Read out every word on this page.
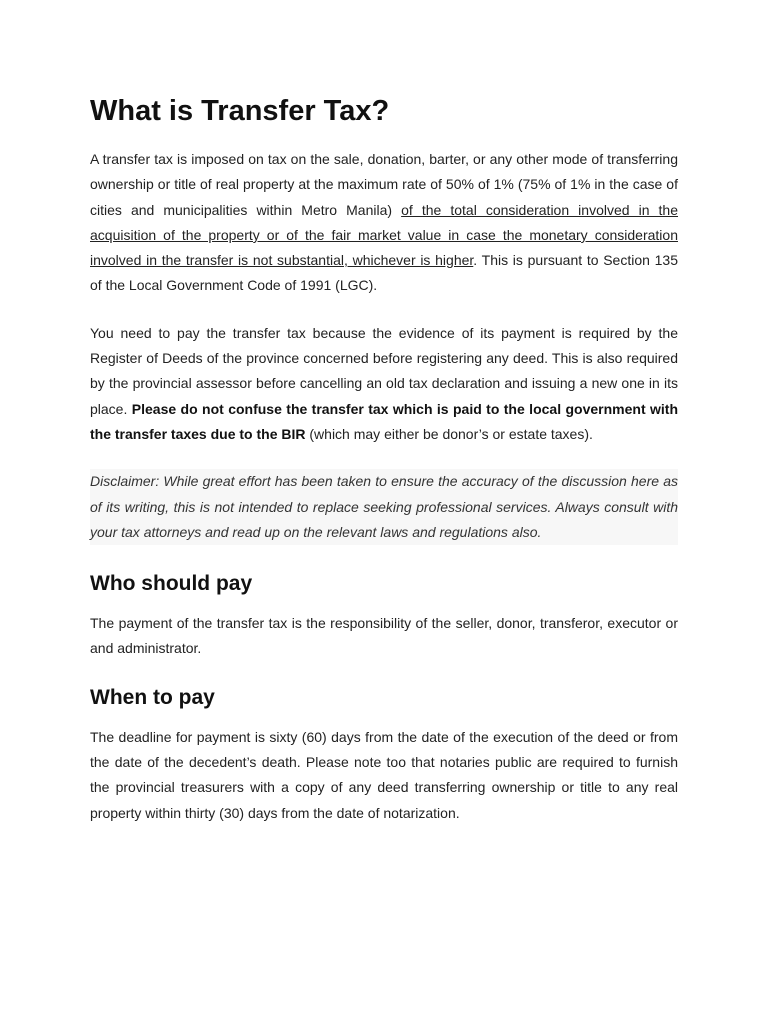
What is Transfer Tax?

A transfer tax is imposed on tax on the sale, donation, barter, or any other mode of transferring ownership or title of real property at the maximum rate of 50% of 1% (75% of 1% in the case of cities and municipalities within Metro Manila) of the total consideration involved in the acquisition of the property or of the fair market value in case the monetary consideration involved in the transfer is not substantial, whichever is higher. This is pursuant to Section 135 of the Local Government Code of 1991 (LGC).

You need to pay the transfer tax because the evidence of its payment is required by the Register of Deeds of the province concerned before registering any deed. This is also required by the provincial assessor before cancelling an old tax declaration and issuing a new one in its place. Please do not confuse the transfer tax which is paid to the local government with the transfer taxes due to the BIR (which may either be donor’s or estate taxes).

Disclaimer: While great effort has been taken to ensure the accuracy of the discussion here as of its writing, this is not intended to replace seeking professional services. Always consult with your tax attorneys and read up on the relevant laws and regulations also.

Who should pay

The payment of the transfer tax is the responsibility of the seller, donor, transferor, executor or and administrator.

When to pay

The deadline for payment is sixty (60) days from the date of the execution of the deed or from the date of the decedent’s death. Please note too that notaries public are required to furnish the provincial treasurers with a copy of any deed transferring ownership or title to any real property within thirty (30) days from the date of notarization.
